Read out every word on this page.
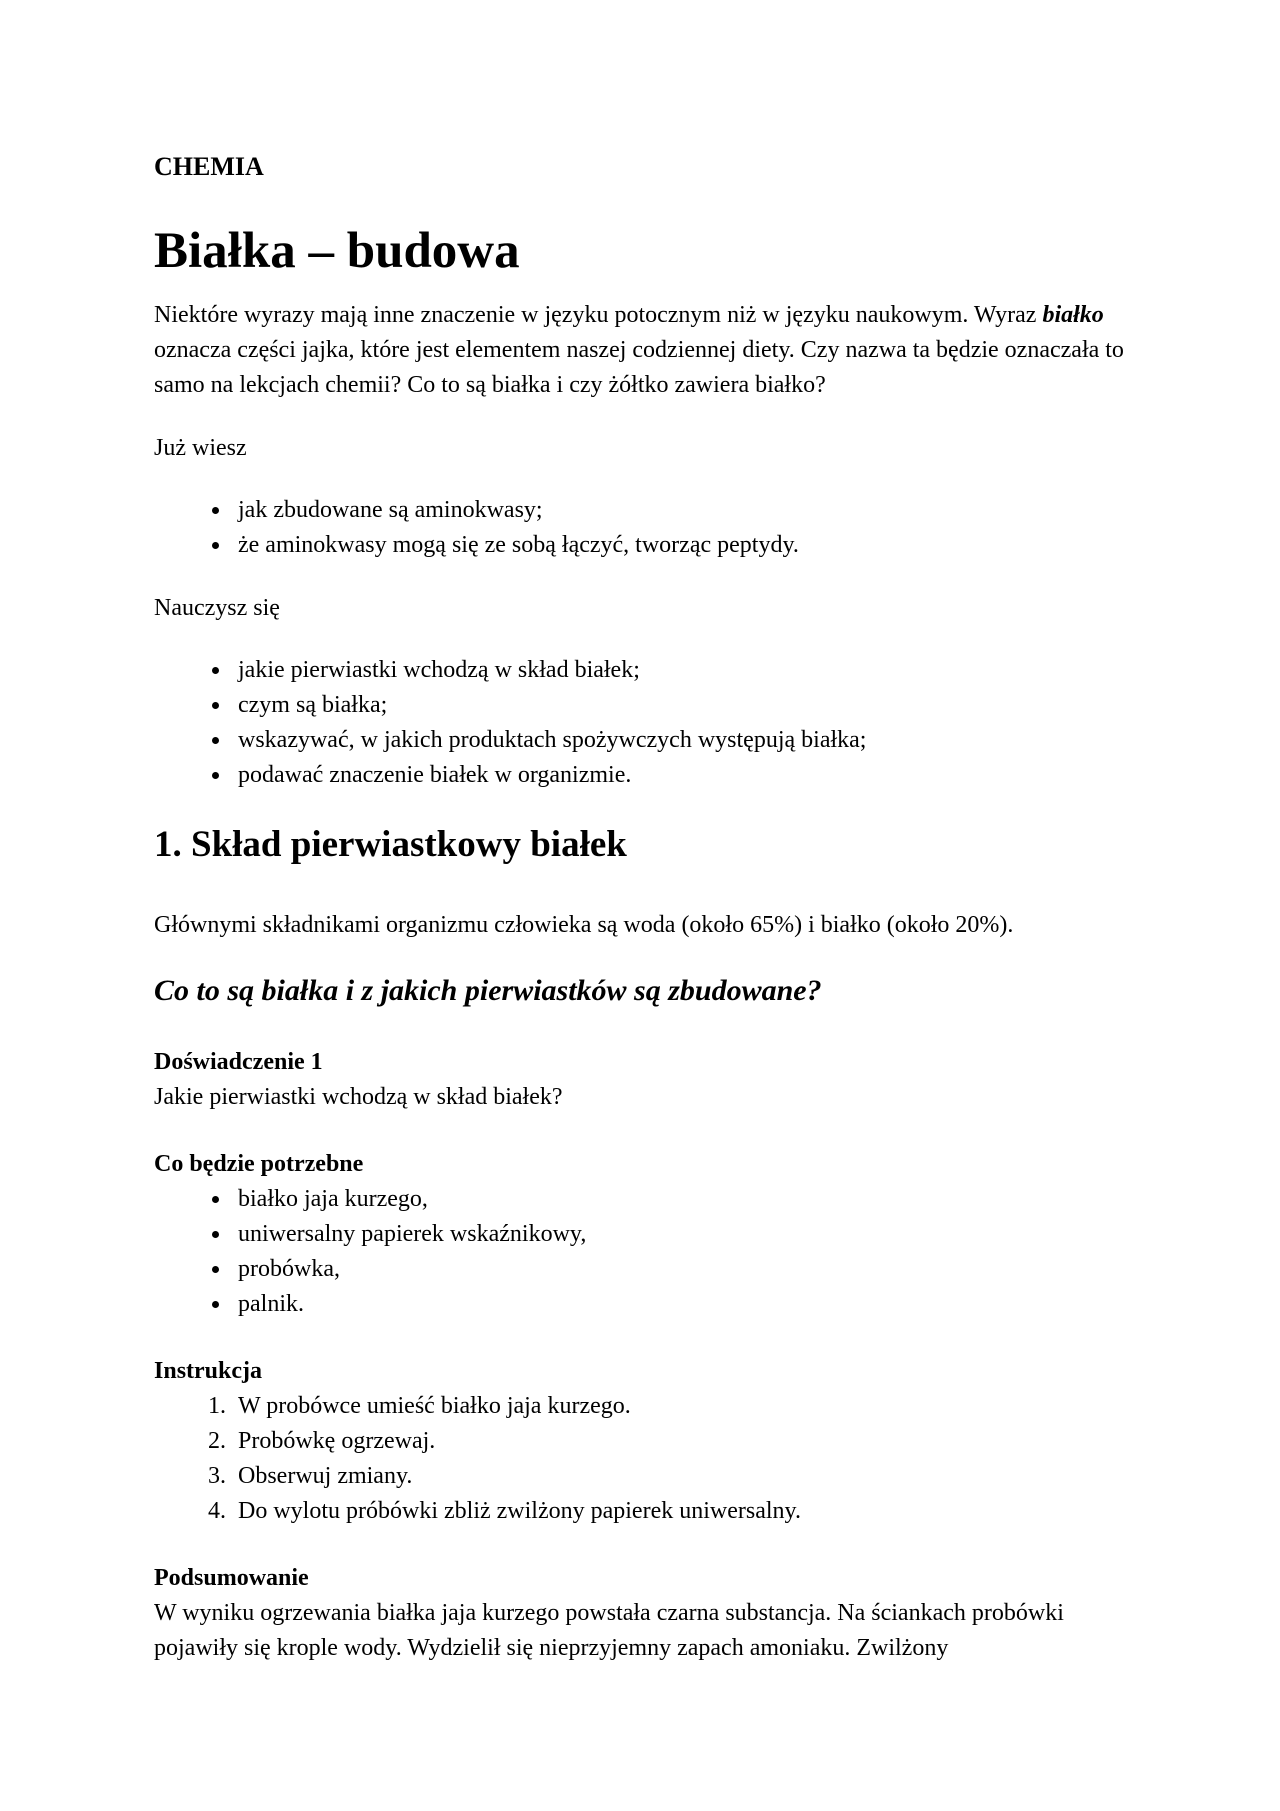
CHEMIA

Białka – budowa

Niektóre wyrazy mają inne znaczenie w języku potocznym niż w języku naukowym. Wyraz białko oznacza części jajka, które jest elementem naszej codziennej diety. Czy nazwa ta będzie oznaczała to samo na lekcjach chemii? Co to są białka i czy żółtko zawiera białko?

Już wiesz

• jak zbudowane są aminokwasy;
• że aminokwasy mogą się ze sobą łączyć, tworząc peptydy.

Nauczysz się

• jakie pierwiastki wchodzą w skład białek;
• czym są białka;
• wskazywać, w jakich produktach spożywczych występują białka;
• podawać znaczenie białek w organizmie.
1. Skład pierwiastkowy białek

Głównymi składnikami organizmu człowieka są woda (około 65%) i białko (około 20%).

Co to są białka i z jakich pierwiastków są zbudowane?

Doświadczenie 1

Jakie pierwiastki wchodzą w skład białek?

Co będzie potrzebne

• białko jaja kurzego,
• uniwersalny papierek wskaźnikowy,
• probówka,
• palnik.

Instrukcja

1. W probówce umieść białko jaja kurzego.
2. Probówkę ogrzewaj.
3. Obserwuj zmiany.
4. Do wylotu próbówki zbliż zwilżony papierek uniwersalny.

Podsumowanie

W wyniku ogrzewania białka jaja kurzego powstała czarna substancja. Na ściankach probówki pojawiły się krople wody. Wydzielił się nieprzyjemny zapach amoniaku. Zwilżony
